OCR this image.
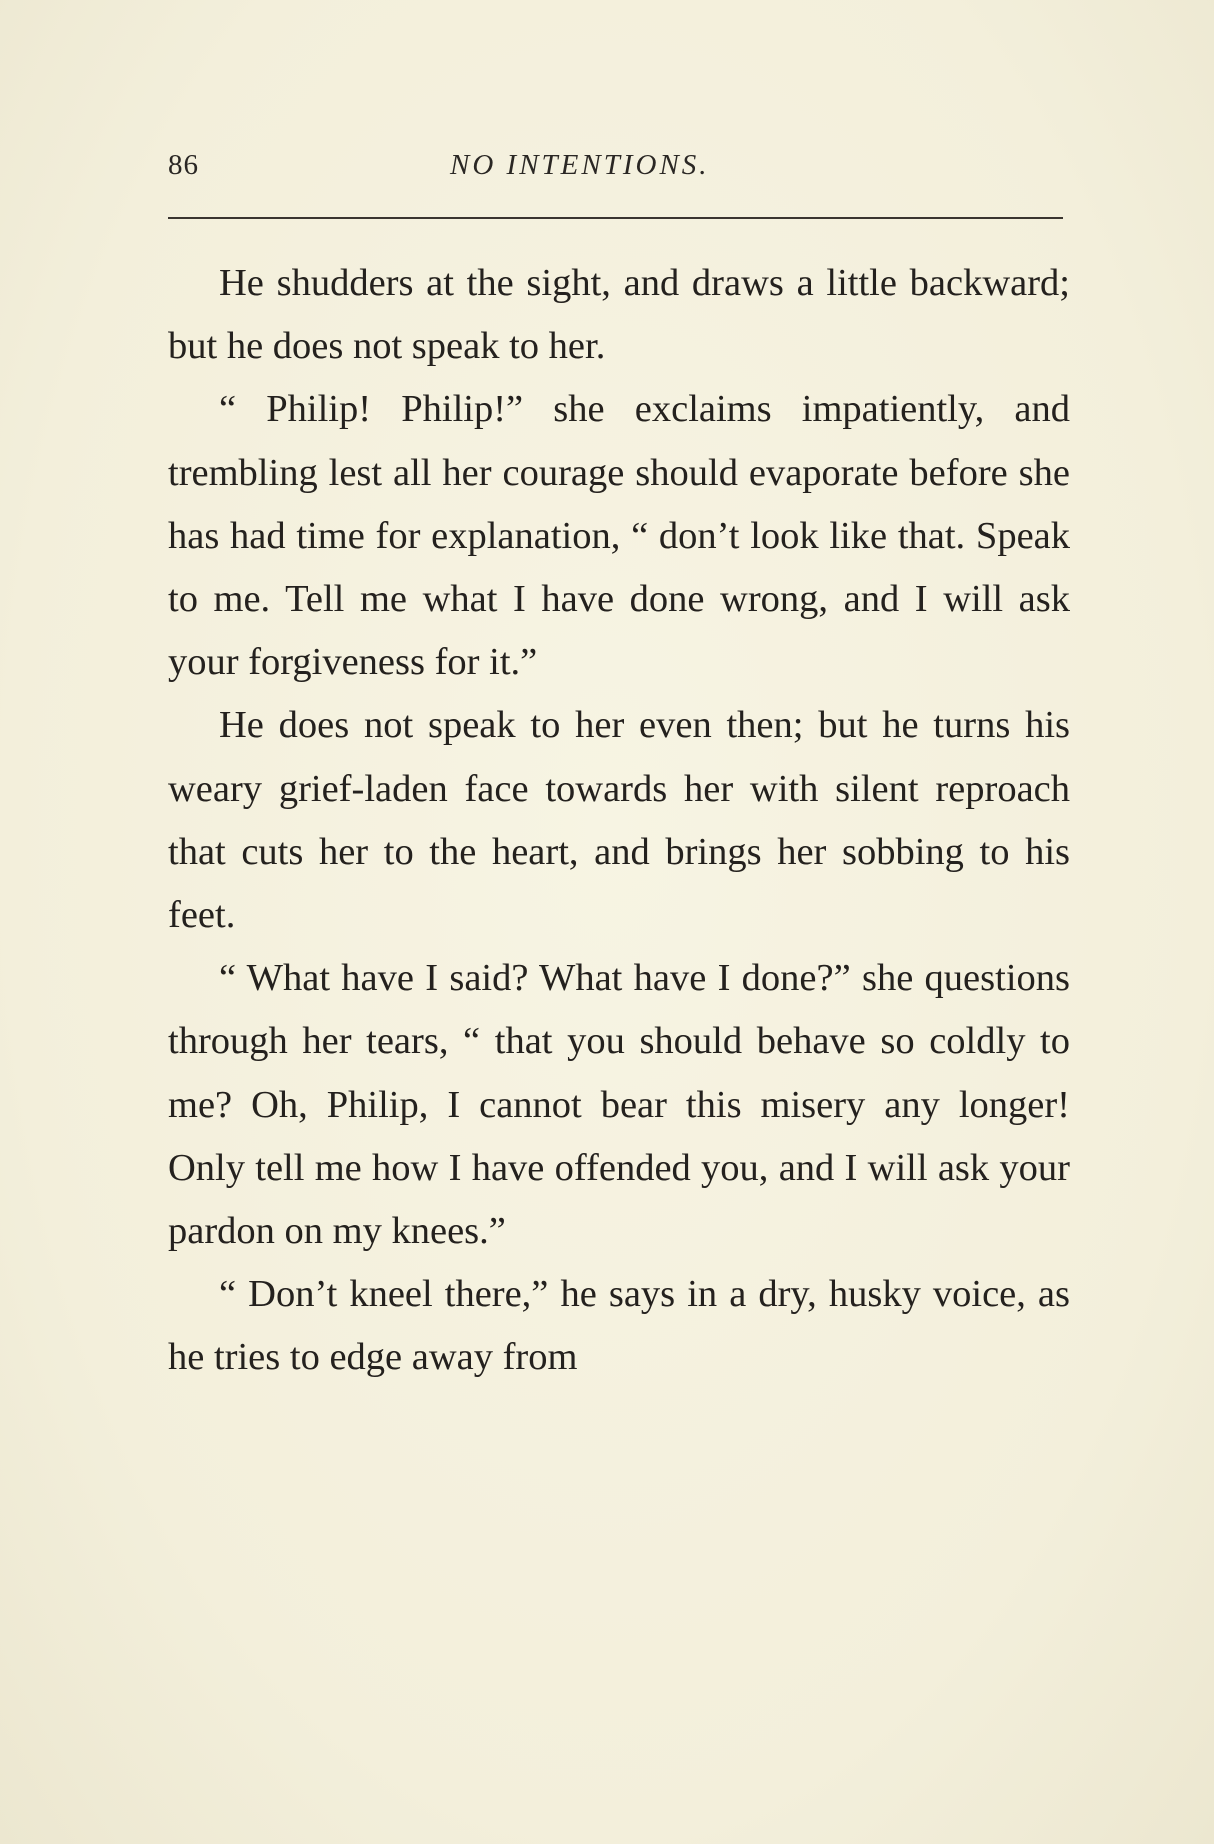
86	NO INTENTIONS.

He shudders at the sight, and draws a little backward; but he does not speak to her.

“ Philip! Philip!” she exclaims impatiently, and trembling lest all her courage should evaporate before she has had time for explanation, “ don’t look like that. Speak to me. Tell me what I have done wrong, and I will ask your forgiveness for it.”

He does not speak to her even then; but he turns his weary grief-laden face towards her with silent reproach that cuts her to the heart, and brings her sobbing to his feet.

“ What have I said? What have I done?” she questions through her tears, “ that you should behave so coldly to me? Oh, Philip, I cannot bear this misery any longer! Only tell me how I have offended you, and I will ask your pardon on my knees.”

“ Don’t kneel there,” he says in a dry, husky voice, as he tries to edge away from
